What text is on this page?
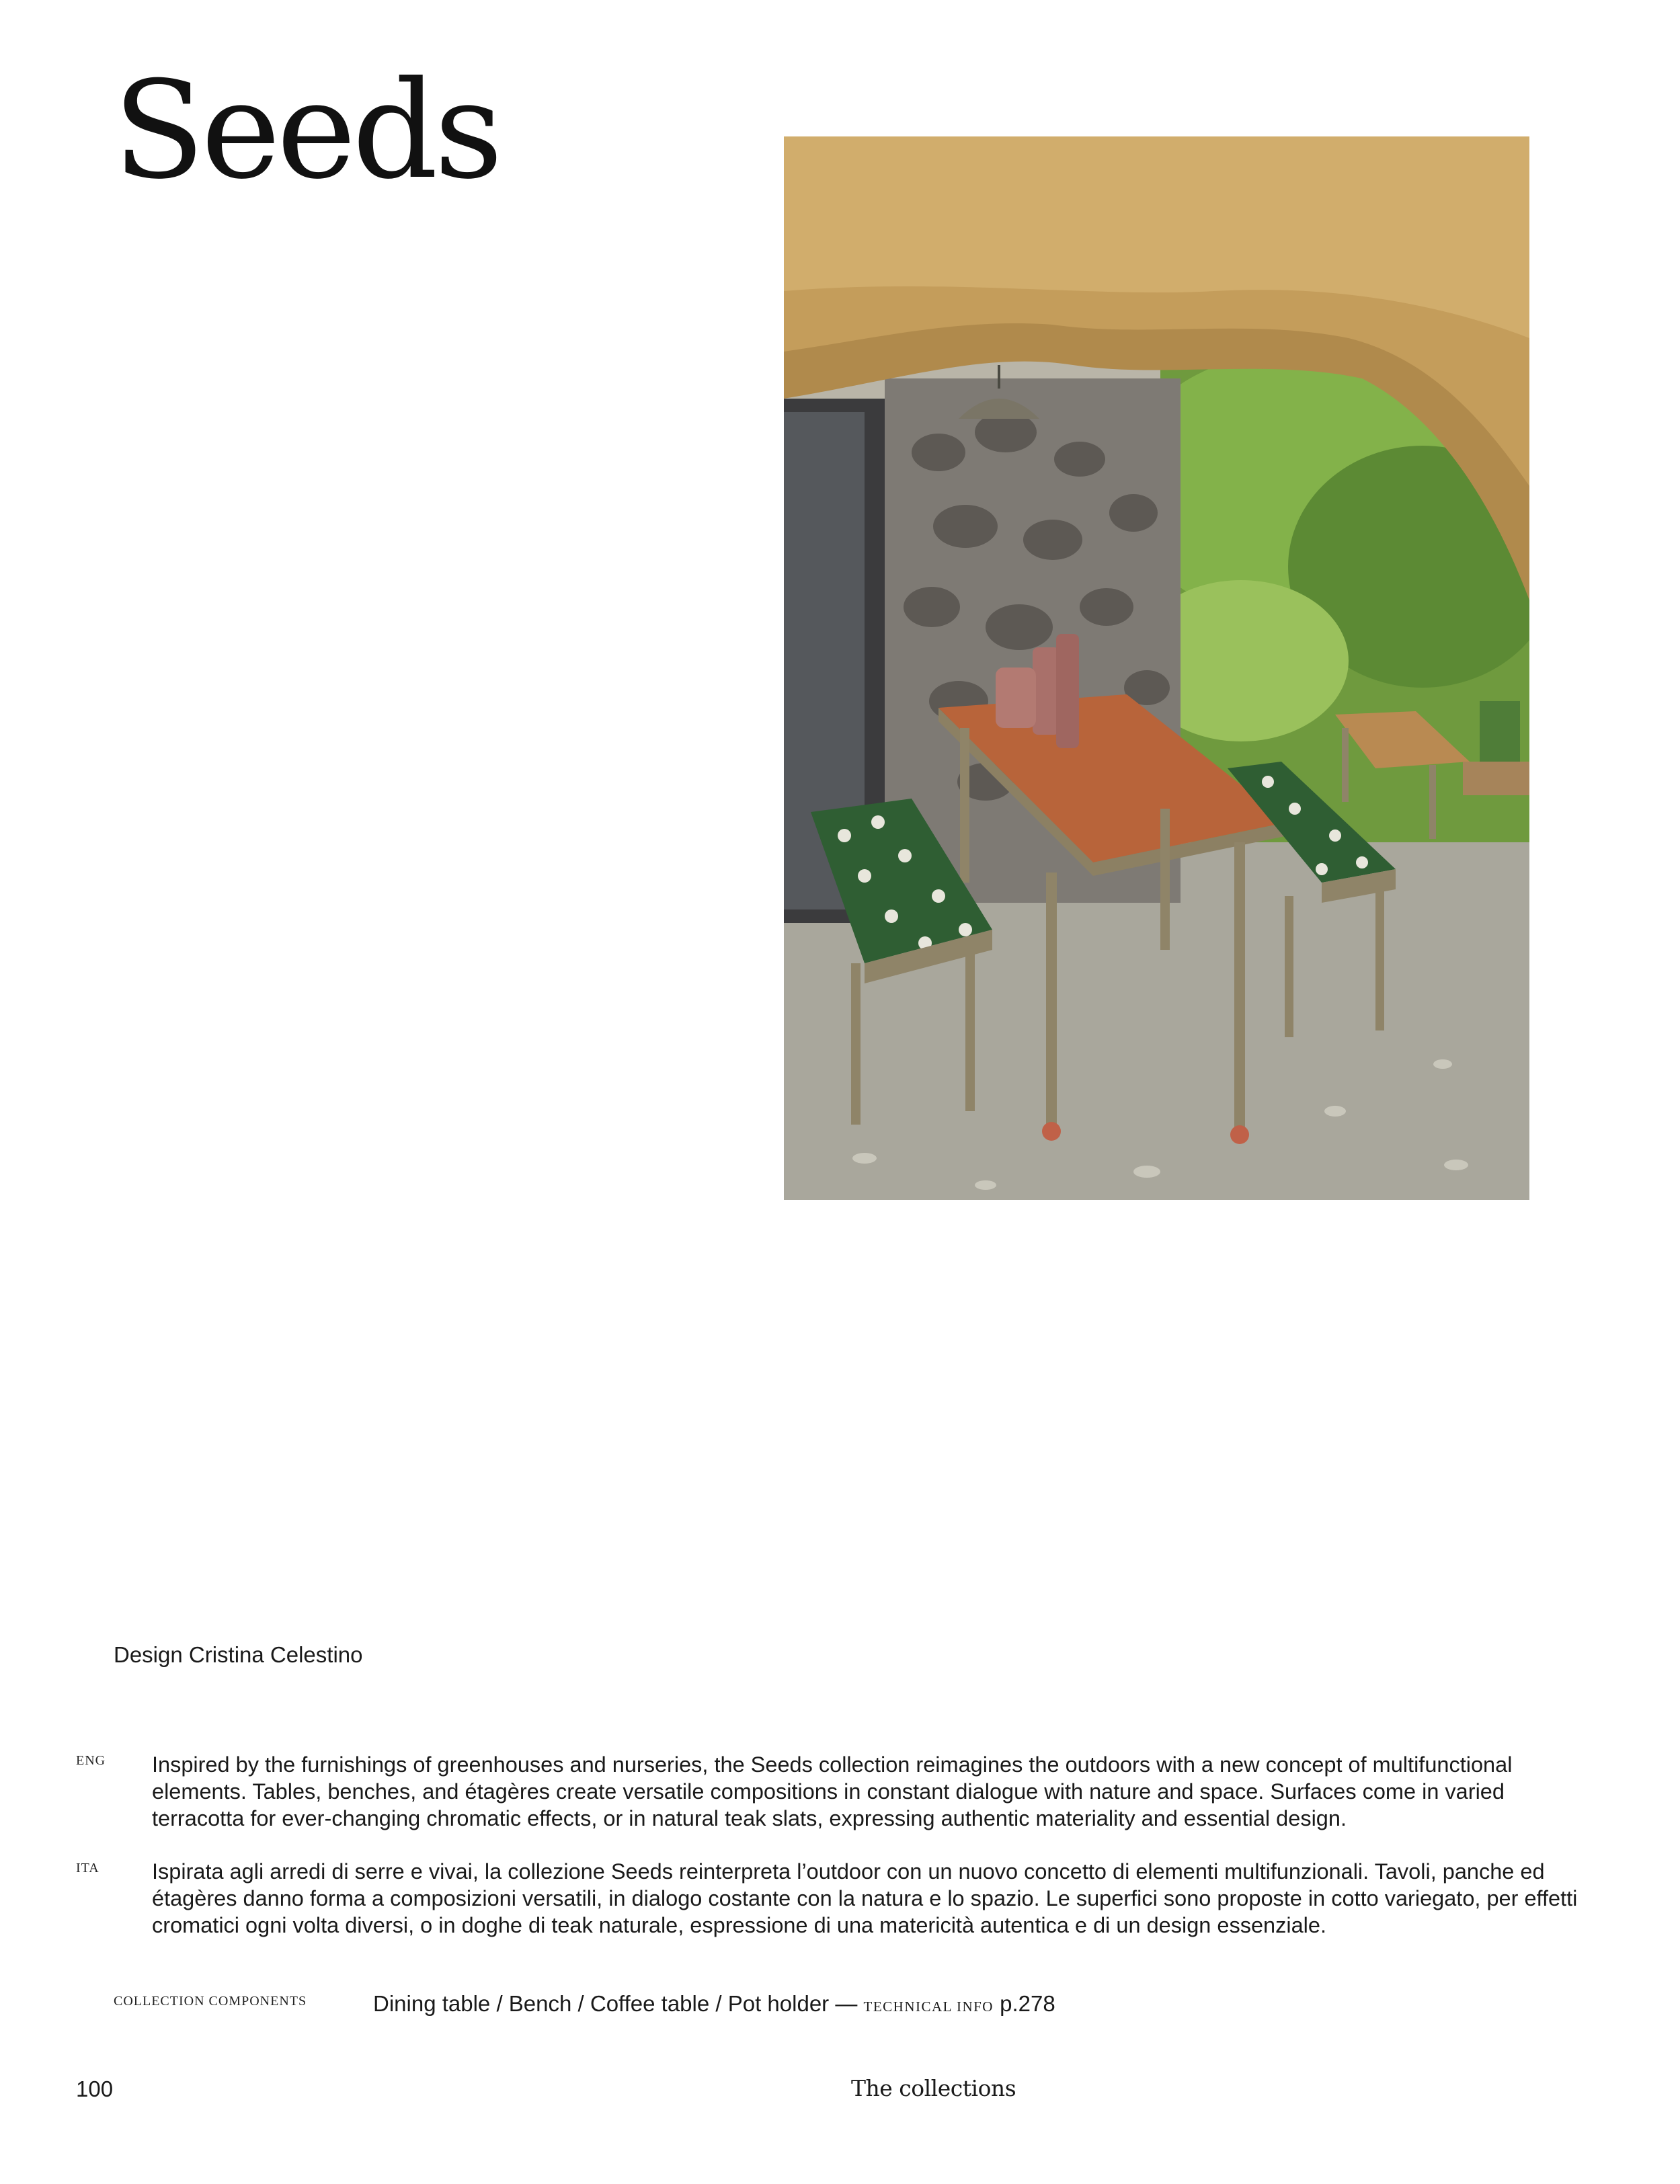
Seeds
Design Cristina Celestino
ENG Inspired by the furnishings of greenhouses and nurseries, the Seeds collection reimagines the outdoors with a new concept of multifunctional elements. Tables, benches, and étagères create versatile compositions in constant dialogue with nature and space. Surfaces come in varied terracotta for ever-changing chromatic effects, or in natural teak slats, expressing authentic materiality and essential design.

ITA Ispirata agli arredi di serre e vivai, la collezione Seeds reinterpreta l’outdoor con un nuovo concetto di elementi multifunzionali. Tavoli, panche ed étagères danno forma a composizioni versatili, in dialogo costante con la natura e lo spazio. Le superfici sono proposte in cotto variegato, per effetti cromatici ogni volta diversi, o in doghe di teak naturale, espressione di una matericità autentica e di un design essenziale.

COLLECTION COMPONENTS	Dining table / Bench / Coffee table / Pot holder — TECHNICAL INFO p.278
100	The collections
